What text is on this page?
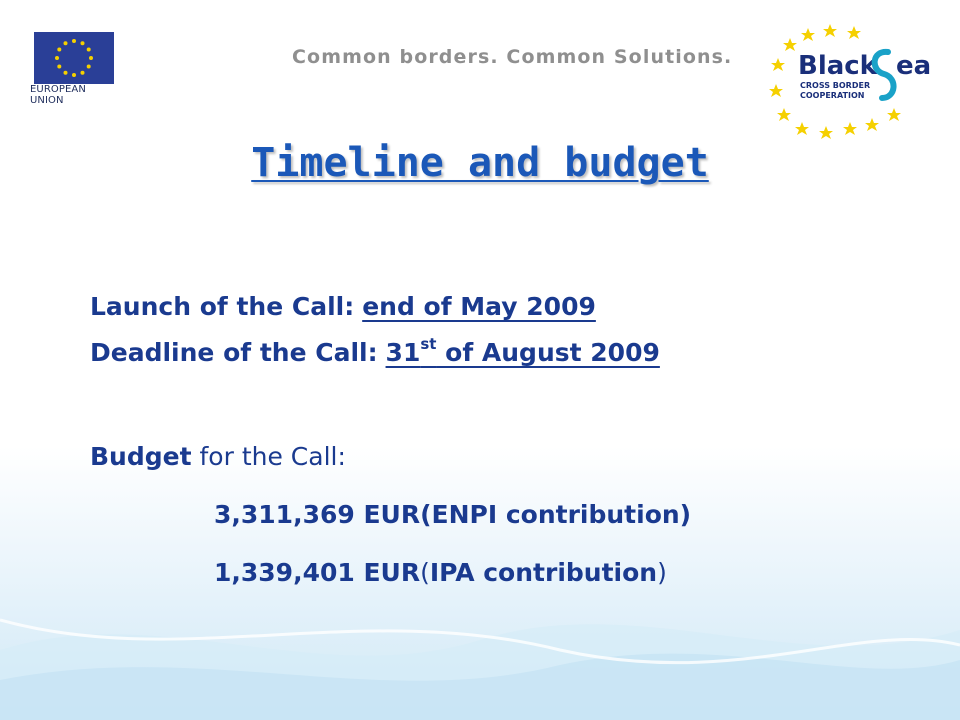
EUROPEAN UNION
Common borders. Common Solutions.	Black ea
CROSS BORDER
COOPERATION
Timeline and budget
Launch of the Call: end of May 2009
Deadline of the Call: 31st of August 2009
Budget for the Call:
3,311,369 EUR(ENPI contribution)
1,339,401 EUR(IPA contribution)
